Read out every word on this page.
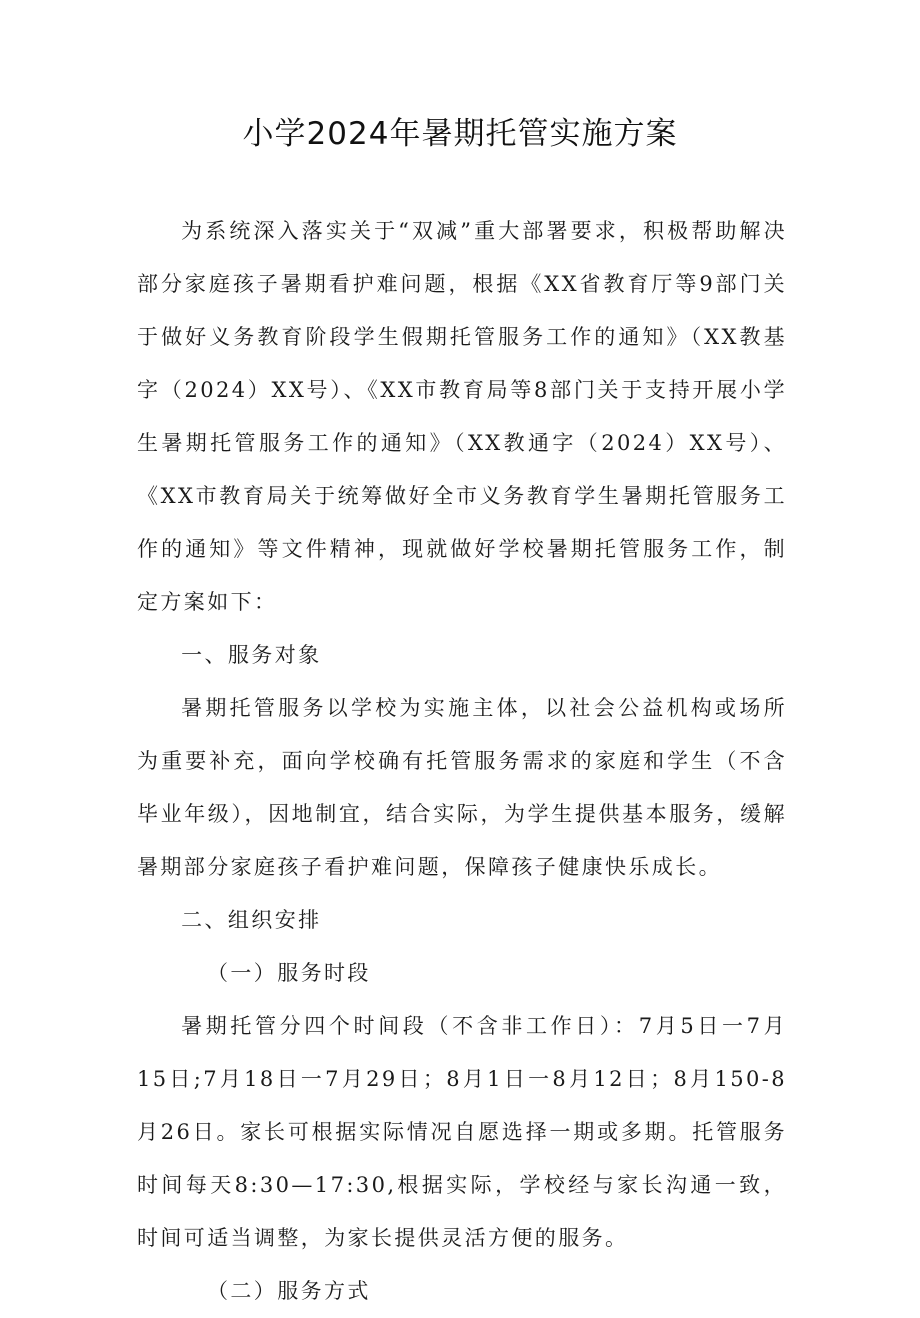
小学2024年暑期托管实施方案

为系统深入落实关于“双减”重大部署要求，积极帮助解决部分家庭孩子暑期看护难问题，根据《XX省教育厅等9部门关于做好义务教育阶段学生假期托管服务工作的通知》（XX教基字（2024）XX号）、《XX市教育局等8部门关于支持开展小学生暑期托管服务工作的通知》（XX教通字（2024）XX号）、《XX市教育局关于统筹做好全市义务教育学生暑期托管服务工作的通知》等文件精神，现就做好学校暑期托管服务工作，制定方案如下：

一、服务对象

暑期托管服务以学校为实施主体，以社会公益机构或场所为重要补充，面向学校确有托管服务需求的家庭和学生（不含毕业年级），因地制宜，结合实际，为学生提供基本服务，缓解暑期部分家庭孩子看护难问题，保障孩子健康快乐成长。

二、组织安排

（一）服务时段

暑期托管分四个时间段（不含非工作日）：7月5日一7月15日;7月18日一7月29日；8月1日一8月12日；8月150-8月26日。家长可根据实际情况自愿选择一期或多期。托管服务时间每天8:30—17:30,根据实际，学校经与家长沟通一致，时间可适当调整，为家长提供灵活方便的服务。

（二）服务方式
